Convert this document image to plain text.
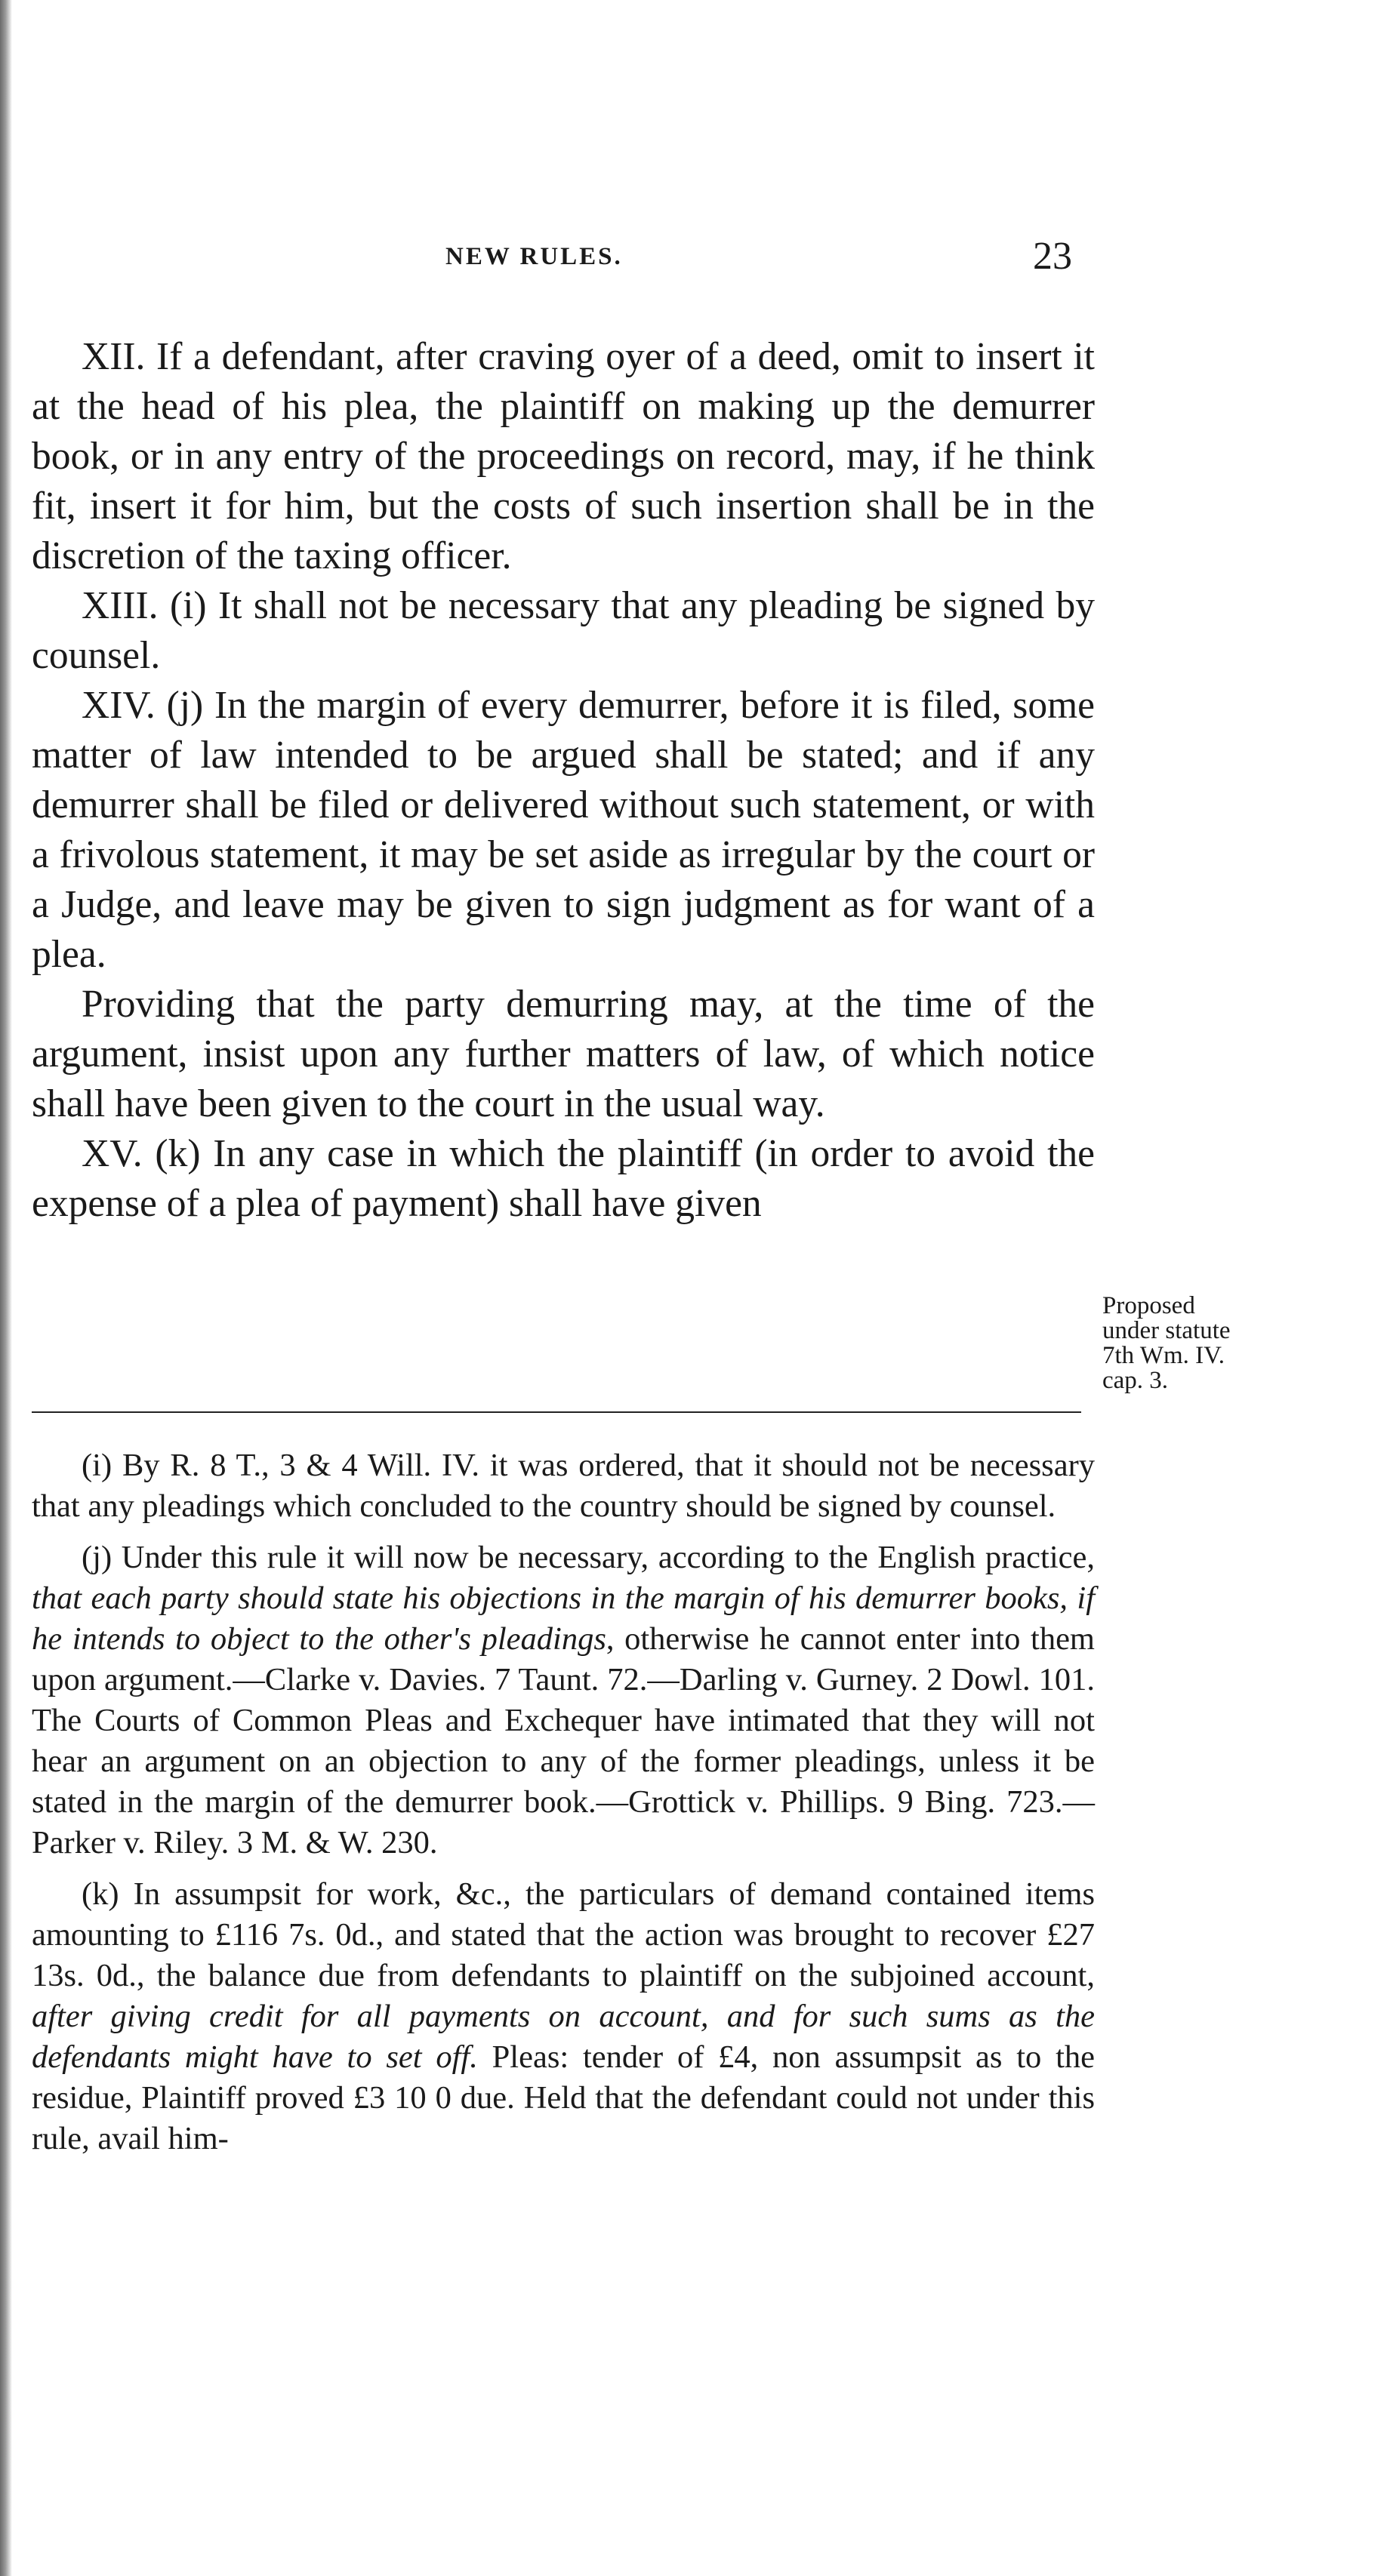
NEW RULES.	23

XII. If a defendant, after craving oyer of a deed, omit to insert it at the head of his plea, the plaintiff on making up the demurrer book, or in any entry of the proceedings on record, may, if he think fit, insert it for him, but the costs of such insertion shall be in the discretion of the taxing officer.

XIII. (i) It shall not be necessary that any pleading be signed by counsel.

XIV. (j) In the margin of every demurrer, before it is filed, some matter of law intended to be argued shall be stated; and if any demurrer shall be filed or delivered without such statement, or with a frivolous statement, it may be set aside as irregular by the court or a Judge, and leave may be given to sign judgment as for want of a plea.

Providing that the party demurring may, at the time of the argument, insist upon any further matters of law, of which notice shall have been given to the court in the usual way.

XV. (k) In any case in which the plaintiff (in order to avoid the expense of a plea of payment) shall have given

Proposed
under statute
7th Wm. IV.
cap. 3.

(i) By R. 8 T., 3 & 4 Will. IV. it was ordered, that it should not be necessary that any pleadings which concluded to the country should be signed by counsel.

(j) Under this rule it will now be necessary, according to the English practice, that each party should state his objections in the margin of his demurrer books, if he intends to object to the other's pleadings, otherwise he cannot enter into them upon argument.—Clarke v. Davies. 7 Taunt. 72.—Darling v. Gurney. 2 Dowl. 101. The Courts of Common Pleas and Exchequer have intimated that they will not hear an argument on an objection to any of the former pleadings, unless it be stated in the margin of the demurrer book.—Grottick v. Phillips. 9 Bing. 723.—Parker v. Riley. 3 M. & W. 230.

(k) In assumpsit for work, &c., the particulars of demand contained items amounting to £116 7s. 0d., and stated that the action was brought to recover £27 13s. 0d., the balance due from defendants to plaintiff on the subjoined account, after giving credit for all payments on account, and for such sums as the defendants might have to set off. Pleas: tender of £4, non assumpsit as to the residue, Plaintiff proved £3 10 0 due. Held that the defendant could not under this rule, avail him-
